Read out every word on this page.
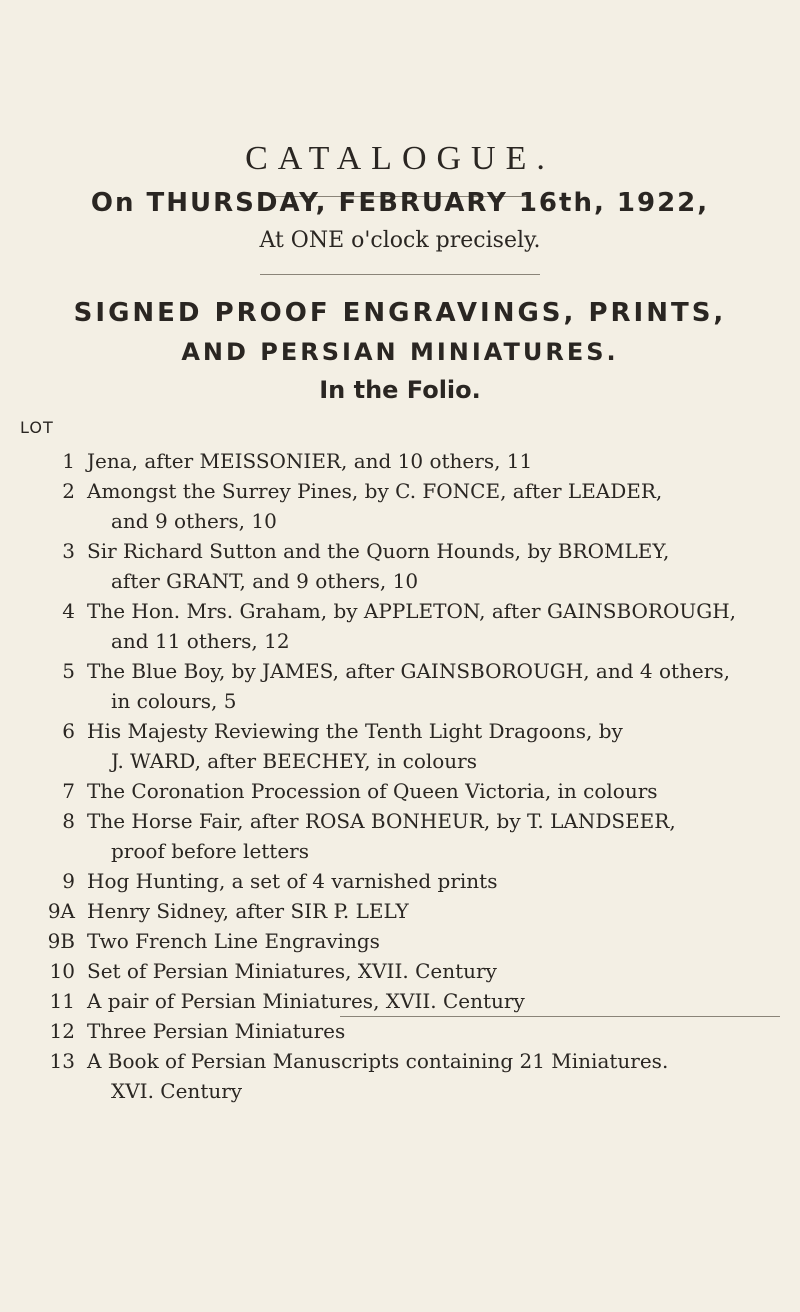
CATALOGUE.
On THURSDAY, FEBRUARY 16th, 1922,
At ONE o'clock precisely.
SIGNED PROOF ENGRAVINGS, PRINTS,
AND PERSIAN MINIATURES.
In the Folio.
LOT
1 Jena, after MEISSONIER, and 10 others, 11
2 Amongst the Surrey Pines, by C. FONCE, after LEADER,
and 9 others, 10
3 Sir Richard Sutton and the Quorn Hounds, by BROMLEY,
after GRANT, and 9 others, 10
4 The Hon. Mrs. Graham, by APPLETON, after GAINSBOROUGH,
and 11 others, 12
5 The Blue Boy, by JAMES, after GAINSBOROUGH, and 4 others,
in colours, 5
6 His Majesty Reviewing the Tenth Light Dragoons, by
J. WARD, after BEECHEY, in colours
7 The Coronation Procession of Queen Victoria, in colours
8 The Horse Fair, after ROSA BONHEUR, by T. LANDSEER,
proof before letters
9 Hog Hunting, a set of 4 varnished prints
9A Henry Sidney, after SIR P. LELY
9B Two French Line Engravings
10 Set of Persian Miniatures, XVII. Century
11 A pair of Persian Miniatures, XVII. Century
12 Three Persian Miniatures
13 A Book of Persian Manuscripts containing 21 Miniatures.
XVI. Century
